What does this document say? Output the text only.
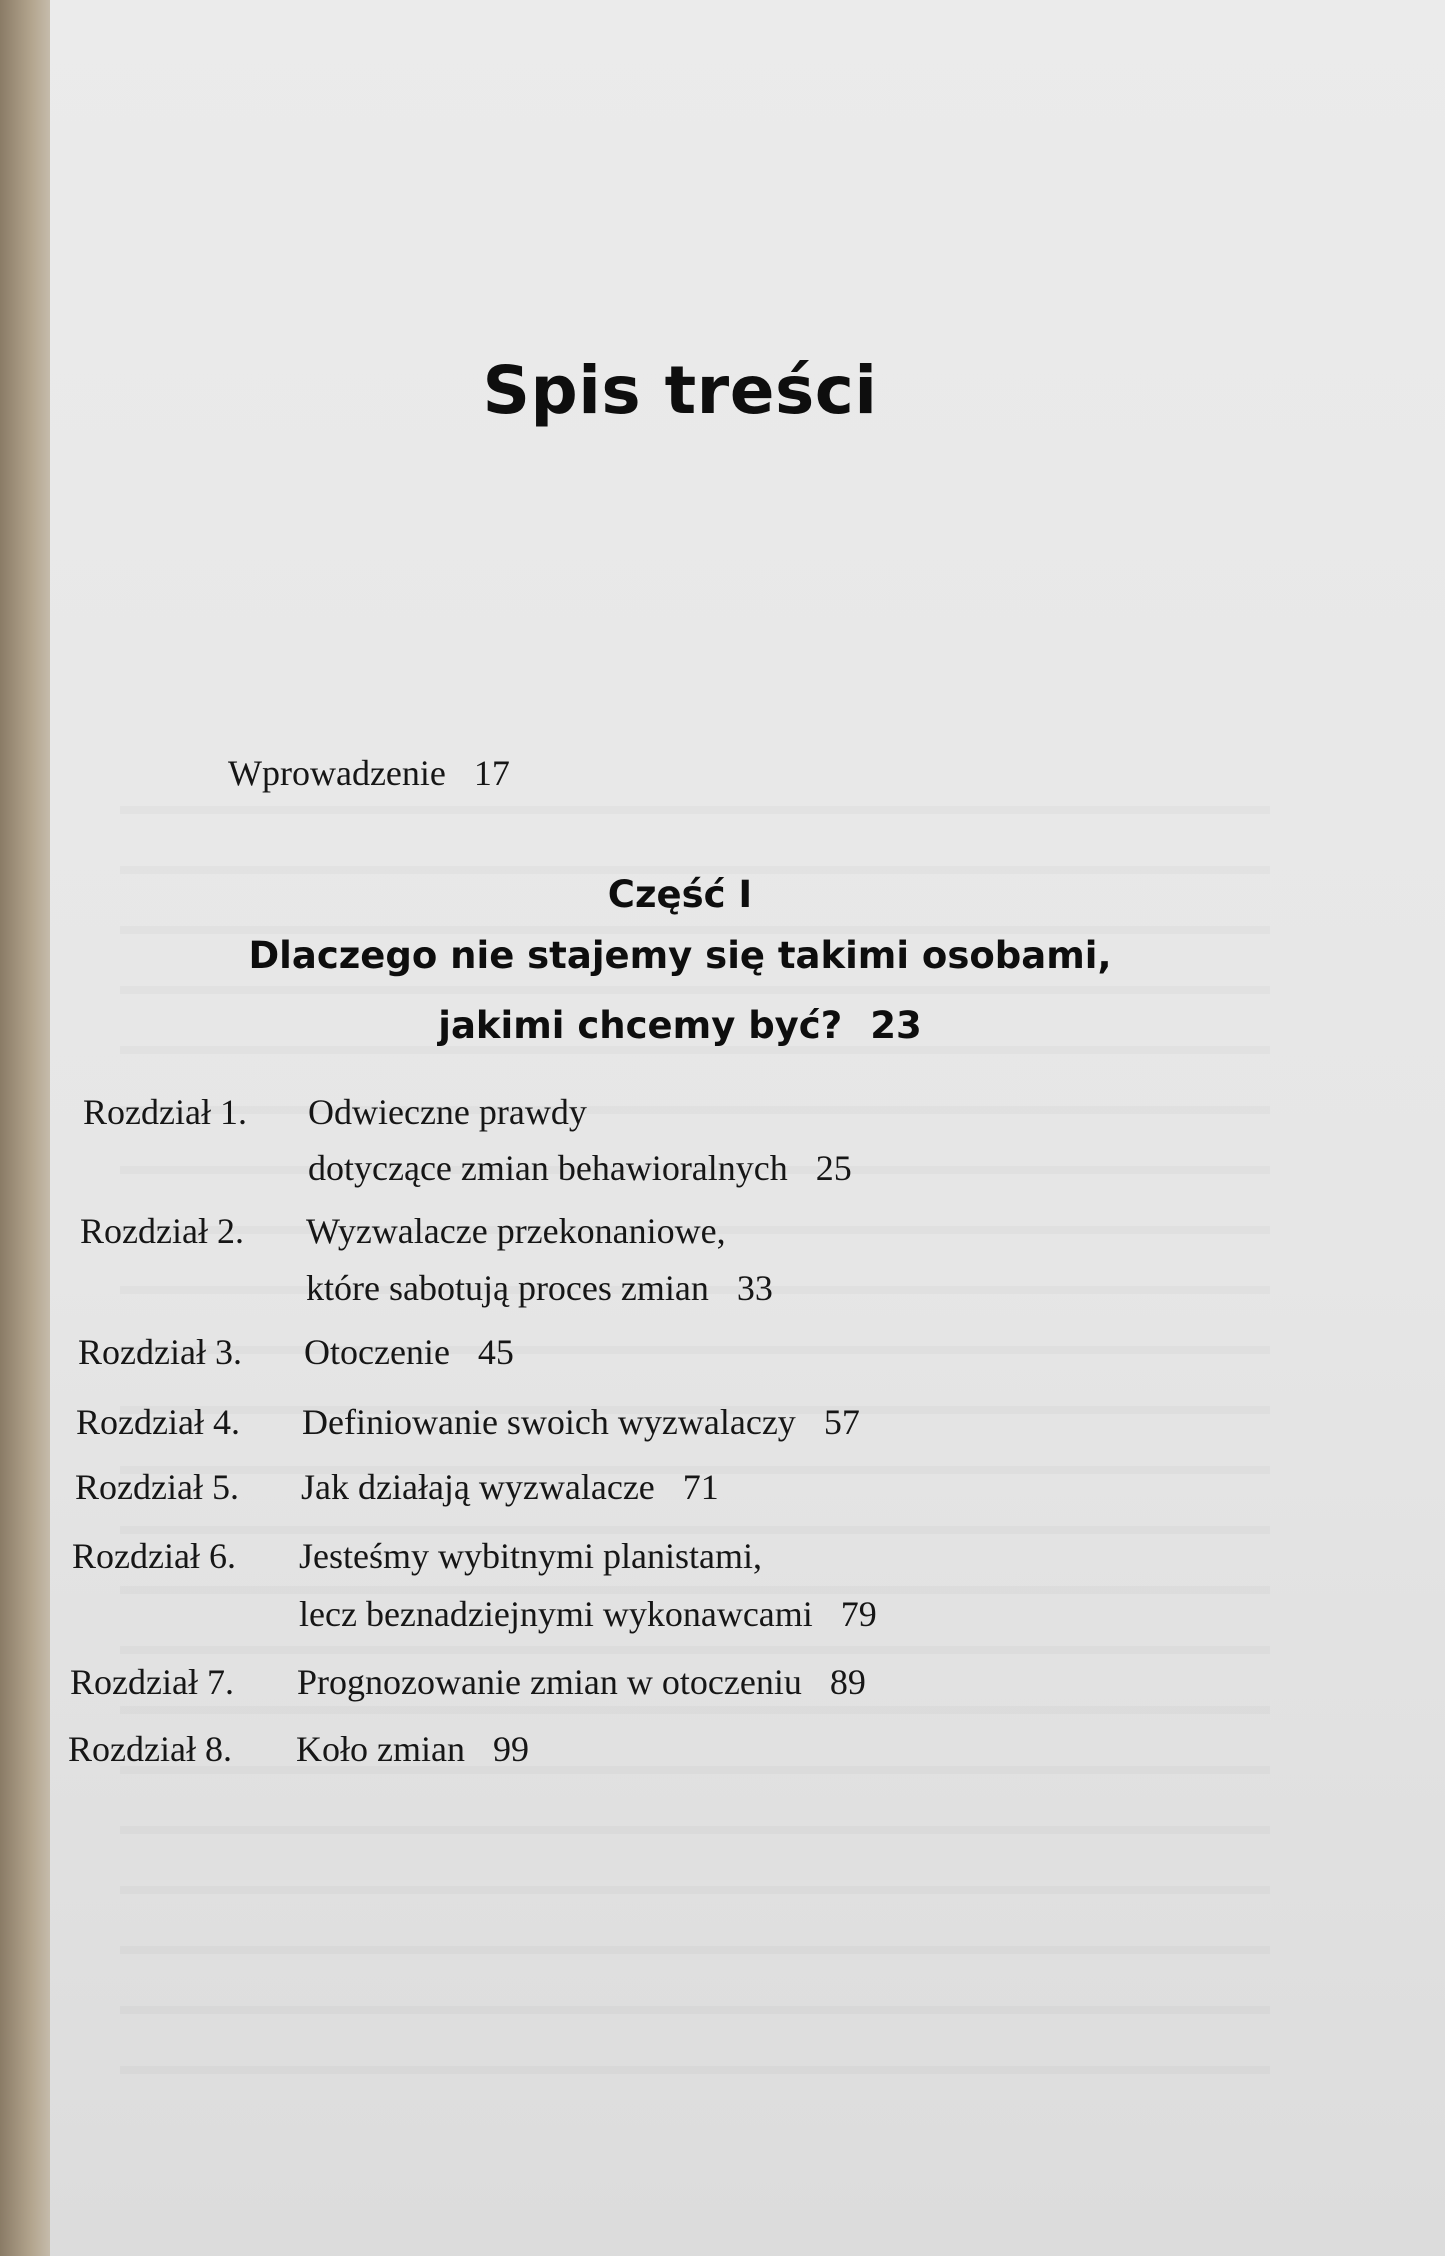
Spis treści
Wprowadzenie 17
Część I
Dlaczego nie stajemy się takimi osobami,
jakimi chcemy być? 23
Rozdział 1. Odwieczne prawdy
dotyczące zmian behawioralnych 25
Rozdział 2. Wyzwalacze przekonaniowe,
które sabotują proces zmian 33
Rozdział 3. Otoczenie 45
Rozdział 4. Definiowanie swoich wyzwalaczy 57
Rozdział 5. Jak działają wyzwalacze 71
Rozdział 6. Jesteśmy wybitnymi planistami,
lecz beznadziejnymi wykonawcami 79
Rozdział 7. Prognozowanie zmian w otoczeniu 89
Rozdział 8. Koło zmian 99
